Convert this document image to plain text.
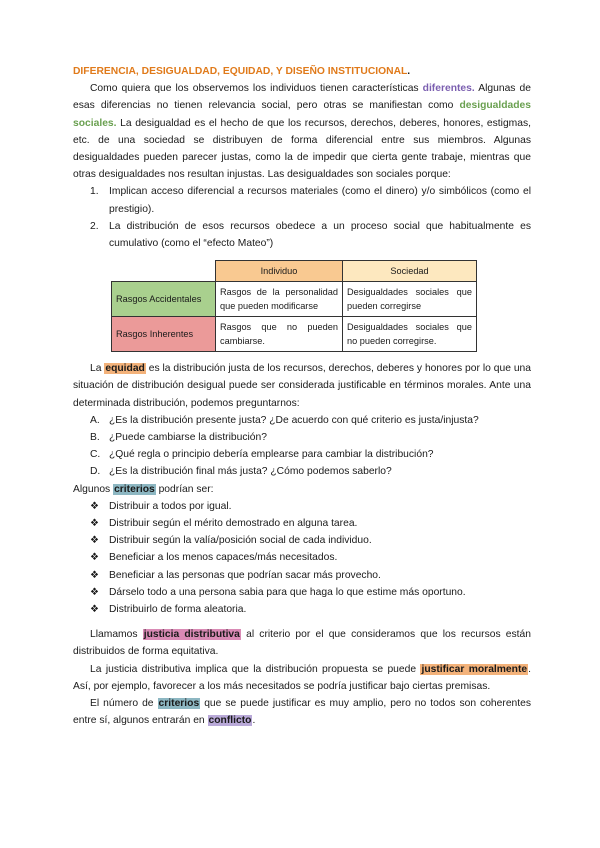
DIFERENCIA, DESIGUALDAD, EQUIDAD, Y DISEÑO INSTITUCIONAL.

Como quiera que los observemos los individuos tienen características diferentes. Algunas de esas diferencias no tienen relevancia social, pero otras se manifiestan como desigualdades sociales. La desigualdad es el hecho de que los recursos, derechos, deberes, honores, estigmas, etc. de una sociedad se distribuyen de forma diferencial entre sus miembros. Algunas desigualdades pueden parecer justas, como la de impedir que cierta gente trabaje, mientras que otras desigualdades nos resultan injustas. Las desigualdades son sociales porque:

1. Implican acceso diferencial a recursos materiales (como el dinero) y/o simbólicos (como el prestigio).
2. La distribución de esos recursos obedece a un proceso social que habitualmente es cumulativo (como el “efecto Mateo”)
	Individuo	Sociedad
Rasgos Accidentales	Rasgos de la personalidad que pueden modificarse	Desigualdades sociales que pueden corregirse
Rasgos Inherentes	Rasgos que no pueden cambiarse.	Desigualdades sociales que no pueden corregirse.

La equidad es la distribución justa de los recursos, derechos, deberes y honores por lo que una situación de distribución desigual puede ser considerada justificable en términos morales. Ante una determinada distribución, podemos preguntarnos:

A. ¿Es la distribución presente justa? ¿De acuerdo con qué criterio es justa/injusta?
B. ¿Puede cambiarse la distribución?
C. ¿Qué regla o principio debería emplearse para cambiar la distribución?
D. ¿Es la distribución final más justa? ¿Cómo podemos saberlo?

Algunos criterios podrían ser:

❖ Distribuir a todos por igual.
❖ Distribuir según el mérito demostrado en alguna tarea.
❖ Distribuir según la valía/posición social de cada individuo.
❖ Beneficiar a los menos capaces/más necesitados.
❖ Beneficiar a las personas que podrían sacar más provecho.
❖ Dárselo todo a una persona sabia para que haga lo que estime más oportuno.
❖ Distribuirlo de forma aleatoria.

Llamamos justicia distributiva al criterio por el que consideramos que los recursos están distribuidos de forma equitativa.

La justicia distributiva implica que la distribución propuesta se puede justificar moralmente. Así, por ejemplo, favorecer a los más necesitados se podría justificar bajo ciertas premisas.

El número de criterios que se puede justificar es muy amplio, pero no todos son coherentes entre sí, algunos entrarán en conflicto.
